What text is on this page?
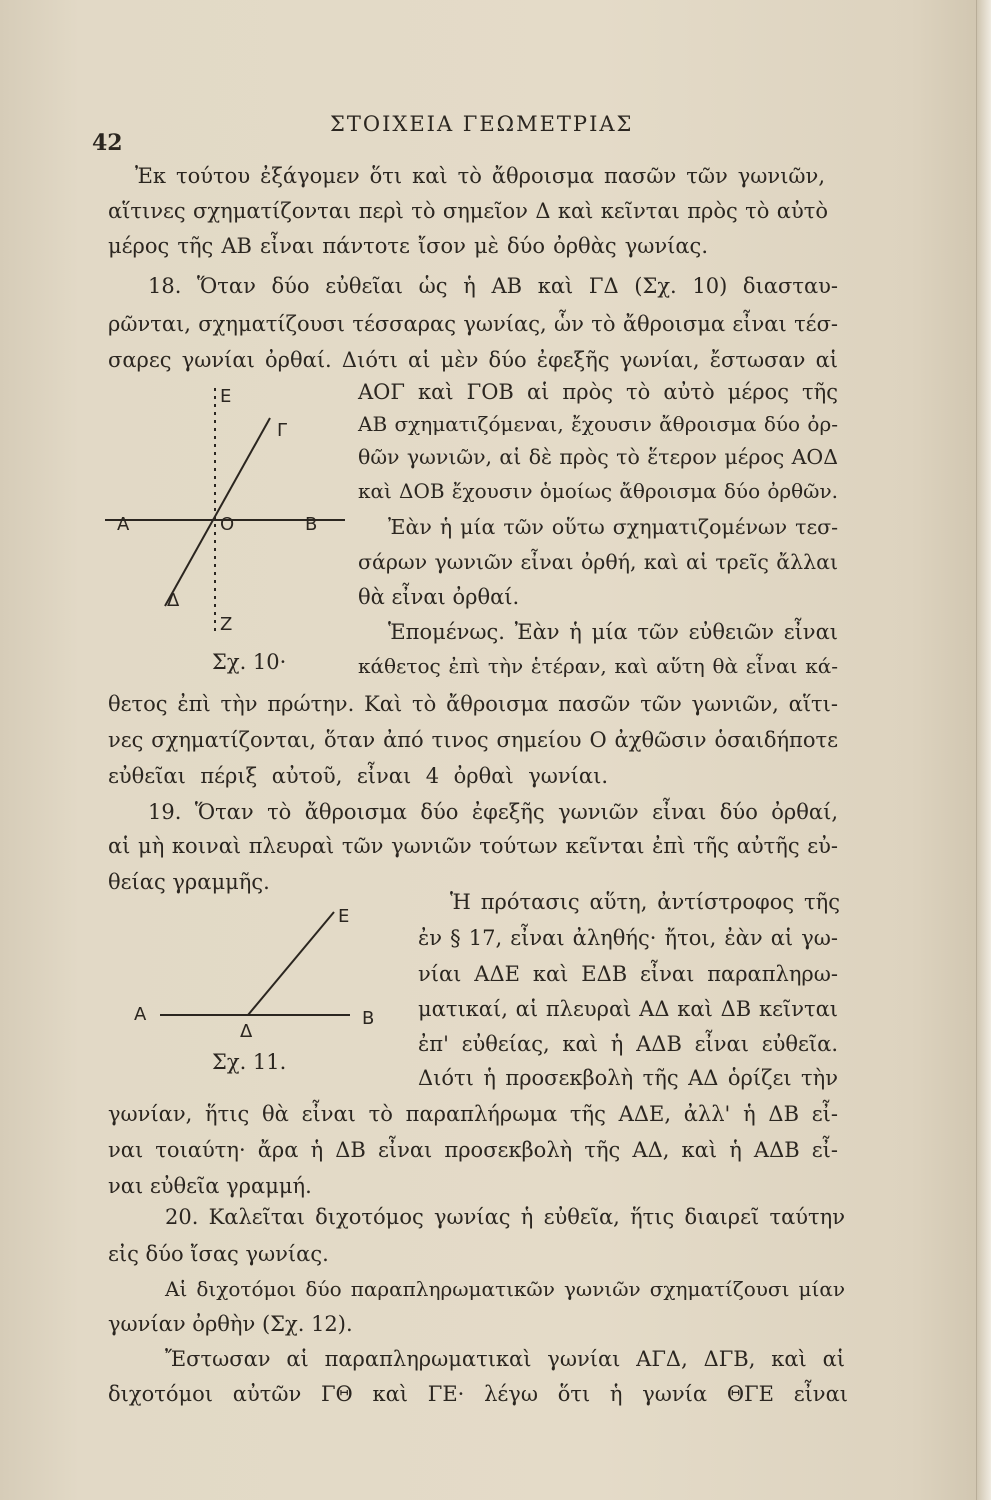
42
ΣΤΟΙΧΕΙΑ ΓΕΩΜΕΤΡΙΑΣ
Ἐκ τούτου ἐξάγομεν ὅτι καὶ τὸ ἄθροισμα πασῶν τῶν γωνιῶν,
αἵτινες σχηματίζονται περὶ τὸ σημεῖον Δ καὶ κεῖνται πρὸς τὸ αὐτὸ
μέρος τῆς ΑΒ εἶναι πάντοτε ἴσον μὲ δύο ὀρθὰς γωνίας.
18. Ὅταν δύο εὐθεῖαι ὡς ἡ ΑΒ καὶ ΓΔ (Σχ. 10) διασταυ-
ρῶνται, σχηματίζουσι τέσσαρας γωνίας, ὧν τὸ ἄθροισμα εἶναι τέσ-
σαρες γωνίαι ὀρθαί. Διότι αἱ μὲν δύο ἐφεξῆς γωνίαι, ἔστωσαν αἱ
ΑΟΓ καὶ ΓΟΒ αἱ πρὸς τὸ αὐτὸ μέρος τῆς
ΑΒ σχηματιζόμεναι, ἔχουσιν ἄθροισμα δύο ὀρ-
θῶν γωνιῶν, αἱ δὲ πρὸς τὸ ἕτερον μέρος ΑΟΔ
καὶ ΔΟΒ ἔχουσιν ὁμοίως ἄθροισμα δύο ὀρθῶν.
Ἐὰν ἡ μία τῶν οὕτω σχηματιζομένων τεσ-
σάρων γωνιῶν εἶναι ὀρθή, καὶ αἱ τρεῖς ἄλλαι
θὰ εἶναι ὀρθαί.
Ἑπομένως. Ἐὰν ἡ μία τῶν εὐθειῶν εἶναι
κάθετος ἐπὶ τὴν ἑτέραν, καὶ αὕτη θὰ εἶναι κά-
θετος ἐπὶ τὴν πρώτην. Καὶ τὸ ἄθροισμα πασῶν τῶν γωνιῶν, αἵτι-
νες σχηματίζονται, ὅταν ἀπό τινος σημείου Ο ἀχθῶσιν ὁσαιδήποτε
εὐθεῖαι πέριξ αὐτοῦ, εἶναι 4 ὀρθαὶ γωνίαι.
19. Ὅταν τὸ ἄθροισμα δύο ἐφεξῆς γωνιῶν εἶναι δύο ὀρθαί,
αἱ μὴ κοιναὶ πλευραὶ τῶν γωνιῶν τούτων κεῖνται ἐπὶ τῆς αὐτῆς εὐ-
θείας γραμμῆς.
Ἡ πρότασις αὕτη, ἀντίστροφος τῆς
ἐν § 17, εἶναι ἀληθής· ἤτοι, ἐὰν αἱ γω-
νίαι ΑΔΕ καὶ ΕΔΒ εἶναι παραπληρω-
ματικαί, αἱ πλευραὶ ΑΔ καὶ ΔΒ κεῖνται
ἐπ' εὐθείας, καὶ ἡ ΑΔΒ εἶναι εὐθεῖα.
Διότι ἡ προσεκβολὴ τῆς ΑΔ ὁρίζει τὴν
γωνίαν, ἥτις θὰ εἶναι τὸ παραπλήρωμα τῆς ΑΔΕ, ἀλλ' ἡ ΔΒ εἶ-
ναι τοιαύτη· ἄρα ἡ ΔΒ εἶναι προσεκβολὴ τῆς ΑΔ, καὶ ἡ ΑΔΒ εἶ-
ναι εὐθεῖα γραμμή.
20. Καλεῖται διχοτόμος γωνίας ἡ εὐθεῖα, ἥτις διαιρεῖ ταύτην
εἰς δύο ἴσας γωνίας.
Αἱ διχοτόμοι δύο παραπληρωματικῶν γωνιῶν σχηματίζουσι μίαν
γωνίαν ὀρθὴν (Σχ. 12).
Ἔστωσαν αἱ παραπληρωματικαὶ γωνίαι ΑΓΔ, ΔΓΒ, καὶ αἱ
διχοτόμοι αὐτῶν ΓΘ καὶ ΓΕ· λέγω ὅτι ἡ γωνία ΘΓΕ εἶναι
Ε
Γ
Α	Ο	Β
Δ
Ζ
Σχ. 10·
Ε
Α	Β
Δ
Σχ. 11.
